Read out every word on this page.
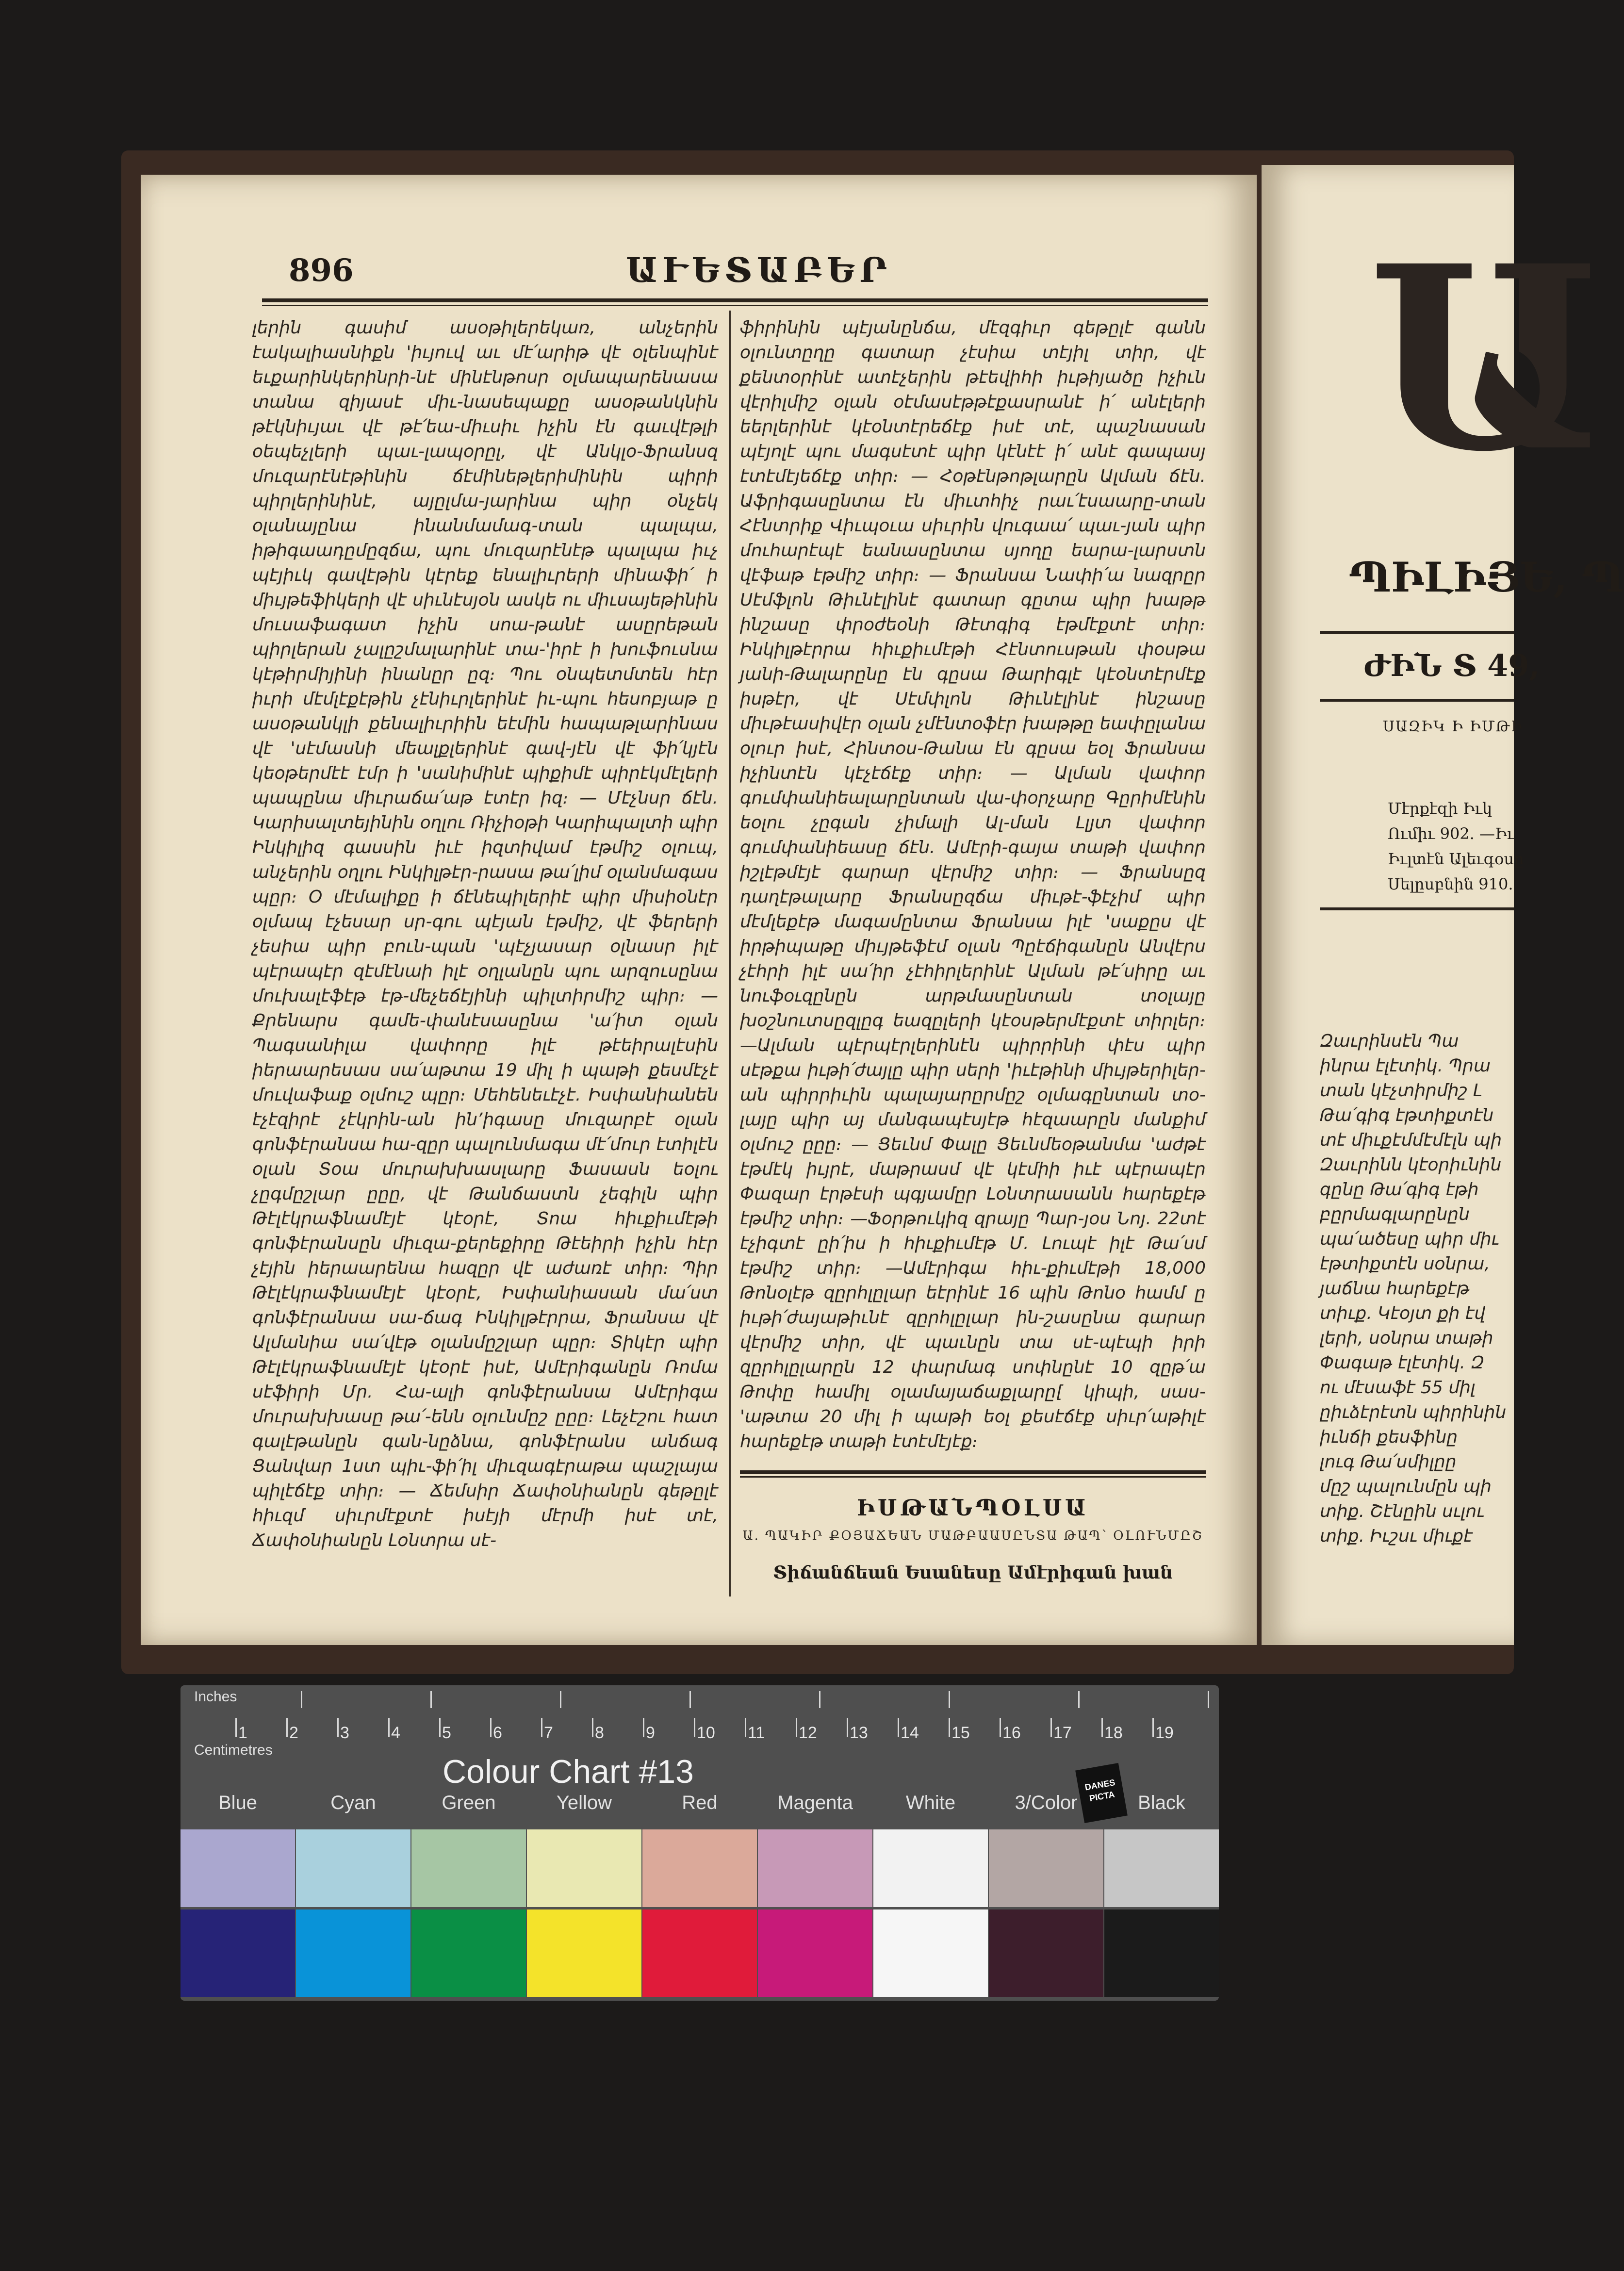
896	ԱՒԵՏԱԲԵՐ
լերին գասիմ ասօթիլերեկառ, անչերին էակալիասնիքն 'իւյուվ աւ մէ՛արիթ վէ օլենպինէ եւքարինկերինրի-նէ մինէնթոսր օլմապարենասա տանա զիյասէ միւ-նասեպաքը ասօթանկնին թէկնիւյաւ վէ թէ՛եա-միւսիւ իչին էն գաւվէթլի օեպեչլերի պաւ-լապօրըլ, վէ Անկլօ-Ֆրանսզ մուզարէնէթինին ճէմինեթլերիմինին պիրի պիրլերինինէ, այըլմա-յարինա պիր օնչեկ օլանայընա ինանմամագ-տան պալպա, իթիգաադըմըզճա, պու մուզարէնէթ պալպա իւչ պէյիւկ գավէթին կէրեք ենալիւրերի մինաֆի՛ ի միւյթեֆիկերի վէ սիւնէսյօն ասկե ու միւսայեթինին մուսաֆագատ իչին սոա-թանէ ասըրեթան պիրլերան չալըշմալարինէ տա-'իրէ ի խուֆուսնա կէթիրմիյինի ինանըր ըզ։ Պու օնպետմտեն հէր իւրի մէմլէքէթին չէնիւրլերինէ իւ-պու հեսոբյաթ ը ասօթանկլի քենալիւրիին եէմին հապաթլարինաս վէ 'սէմասնի մեալքլերինէ գավ-յէն վէ ֆի՛կյէն կեօթերմէէ էմր ի 'սանիմինէ պիքիմէ պիրէկմէլերի պապընա միւրաճա՛աթ էտէր իզ։ — Մէչնսր ճէն. Կարիսալտեյինին օղլու Ռիչիօթի Կարիպալտի պիր Ինկիլիզ գասսին իւէ իզտիվամ էթմիշ օլուպ, անչերին օղլու Ինկիլթէր-րասա թա՛լիմ օլանմագաս պըր։ Օ մէմալիքը ի ճէնեպիլերիէ պիր միսիօնէր օլմապ էչեսար սր-գու պէյան էթմիշ, վէ ֆերերի չեսիա պիր բուն-պան 'պէչյասար օլնասր իլէ պէրապէր զէմէնաի իլէ օղլանըն պու արզուսընա մուխալէֆէթ էթ-մեչեճէյինի պիլտիրմիշ պիր։ — Քրենարս գամե-փանէսասընա 'ա՛իտ օլան Պագսանիլա վափորը իլէ թէեիրալէսին իերաարեսաս սա՛աթտա 19 միլ ի պաթի քեսմէչէ մուվաֆաք օլմուշ պըր։ Մեհենեւէչէ․ Իսփանիանեն էչէզիրէ չէկրին-ան ին՚իգասը մուզարբէ օլան գոնֆէրանսա հա-զըր պալունմագա մէ՛մուր էտիլէն օլան Տօա մուրախխասլարը Ֆասասն եօլու չըգմըշլար ըըը, վէ Թանճաստն չեգիլն պիր Թէլէկրաֆնամէյէ կէօրէ, Տոա հիւքիւմէթի գոնֆէրանսըն միւզա-քերեքիրը Թէեիրի իչին հէր չէյին իերաարենա հազըր վէ աժառէ տիր։ Պիր Թէլէկրաֆնամէյէ կէօրէ, Իսփանիասան մա՛ստ գոնֆէրանսա սա-ճագ Ինկիլթէրրա, Ֆրանսա վէ Ալմանիա սա՛վէթ օլանմըշլար պըր։ Տիկէր պիր Թէլէկրաֆնամէյէ կէօրէ իսէ, Ամէրիգանըն Ռոմա սէֆիրի Մր. Հա-ալի գոնֆէրանսա Ամէրիգա մուրախխասը թա՛-ենն օլունմըշ ըըը։ Լեչէշու հատ գալէթանըն գան-նըձնա, գոնֆէրանս անճագ Ցանվար 1ստ պիւ-ֆի՛իլ միւզագէրաթա պաշլայա պիլէճէք տիր։ — Ճեմսիր Ճափօնիանըն գեթըլէ հիւզմ սիւրմէքտէ իսէյի մէրմի իսէ տէ, Ճափօնիանըն Լօնտրա սէ-
ֆիրինին պէյանընճա, մէզգիւր գեթըլէ գանն օլունտըղը գատար չէսիա տէյիլ տիր, վէ քենտօրինէ ատէչերին թէեվիհի իւթիյածը իչիւն վէրիլմիշ օլան օէմասէթթէքասրանէ ի՛ անէլերի եերլերինէ կէօնտէրեճէք իսէ տէ, պաշնասան պէյոլէ պու մագսէտէ պիր կէնէէ ի՛ անէ գապասյ էտէմէյեճէք տիր։ — Հօթէնթոթլարըն Ալման ճէն. Աֆրիգասընտա էն միւտհիչ րաւ՛էսաարը-տան Հէնտրիք Վիւպօւա սիւրին վուգաա՛ պաւ-յան պիր մուհարէպէ եանասընտա սյողը եարա-լարստն վէֆաթ էթմիշ տիր։ — Ֆրանսա Նափի՛ա նազրըր Սէմֆլոն Թիւնէլինէ գատար գըտա պիր խաթթ ինշասը փրօժեօնի Թէտգիգ էթմէքտէ տիր։ Ինկիլթէրրա հիւքիւմէթի Հէնտուսթան փօսթա յանի-Թալարընը էն գըսա Թարիգլէ կէօնտէրմէք իսթէր, վէ Սէմփլոն Թիւնէլինէ ինշասը միւթէասիվէր օլան չմէնտօֆէր խաթթը եափըլանա օլուր իսէ, Հինտօս-Թանա էն գըսա եօլ Ֆրանսա իչինտէն կէչէճէք տիր։ — Ալման վափոր գումփանիեալարընտան վա-փօրչարը Գըրիմէնին եօլու չըգան չիմալի Ալ-ման Լլյտ վափոր գումփանիեասը ճէն. Ամէրի-գայա տաթի վափոր իշլէթմէյէ գարար վէրմիշ տիր։ — Ֆրանսըզ դաղէթալարը Ֆրանսըզճա միւթէ-ֆէչիմ պիր մէմլեքէթ մագամընտա Ֆրանսա իլէ 'սաքըս վէ իրթիպաթը միւյթեֆէմ օլան Պըէճիգանըն Անվէրս չէհրի իլէ սա՛իր չէհիրլերինէ Ալման թէ՛սիրը աւ նուֆօւզընըն արթմասընտան տօլայը խօշնուտսըզլըգ եազըլերի կէօսթերմէքտէ տիրլեր։ —Ալման պէրպէրլերինէն պիրրինի փէս պիր սէթքա իւթի՛ժայլը պիր սերի 'իւէթինի միւյթերիլեր-ան պիրրիւին պալայարըրմըշ օլմագընտան տօ-լայը պիր այ մանգապէսյէթ հէզաարըն մանքիմ օլմուշ ըըը։ — Ցեւնմ Փալը Ցեւնմեօթանմա 'աժթէ էթմէկ իւյրէ, մաթրասմ վէ կէմիի իւէ պէրապէր Փազար էրթէսի պգյամըր Լօնտրասանն հարեքէթ էթմիշ տիր։ —Ֆօրթուկիզ զրայը Պար-յօս Նոյ. 22տէ էչիգտէ ըի՛իս ի հիւքիւմէթ Մ. Լուպէ իլէ Թա՛սմ էթմիշ տիր։ —Ամէրիգա հիւ-քիւմէթի 18,000 Թոնօլէթ զըրհլըլար եէրինէ 16 պին Թոնօ համմ ը իւթի՛ժայաթիւնէ զըրհլըլար ին-շասընա գարար վէրմիշ տիր, վէ պաւնըն տա սէ-պէպի իրի զըրհլըլարըն 12 փարմագ սոփնընէ 10 զըթ՛ա Թոփը համիլ օլամայաճաքլարը[ կիպի, սաս-'աթտա 20 միլ ի պաթի եօլ քեսէճէք սիւր՛աթիլէ հարեքէթ տաթի էտէմէյէք։
ԻՍԹԱՆՊՕԼՍԱ
Ա. ՊԱԿԻՐ ՔՕՅԱՃԵԱՆ ՄԱԹԲԱԱՍԸՆՏԱ ԹԱՊ՝ ՕԼՈՒՆՄԸՇ
Տիճանճեան Եսանեսը Ամէրիգան խան
Ա
ՊԻԼԻՅԵ, Պ
ԺԻՆ Տ 49,
ՍԱԶԻԿ Ի ԻՄԹԻ
Մէրքէզի Իւկ
Ումիւ 902. —Իւ
Իւլտէն Ալեւգօսը
Սելըսբնին 910.
Զաւրինսէն Պա
ինրա էլէտիկ. Պրա
տան կէչտիրմիշ Լ
Թա՛գիգ էթտիքտէն
տէ միւքէմմէմէլն պի
Զաւրինն կէօրիւնին
գընը Թա՛գիգ էթի
բըրմագլարընըն
պա՛ածեսը պիր միւ
էթտիքտէն սօնրա,
յաճնա հարեքէթ
տիւք. Կէօյտ քի էվ
լերի, սօնրա տաթի
Փագաթ էլէտիկ. Զ
ու մէսաֆէ 55 միլ
ըիւձէրէտն պիրինին
իւնճի քեսֆինը
լուգ Թա՛սմիլըը
մըշ պալունմըն պի
տիք. Շէնըին սւլու
տիք. Իւշսւ միւքէ
Inches
Centimetres
1	2	3	4	5	6	7	8	9	10 11 12 13 14 15 16 17 18 19
Colour Chart #13	DANES PICTA
Blue	Cyan	Green	Yellow	Red	Magenta	White	3/Color	Black
